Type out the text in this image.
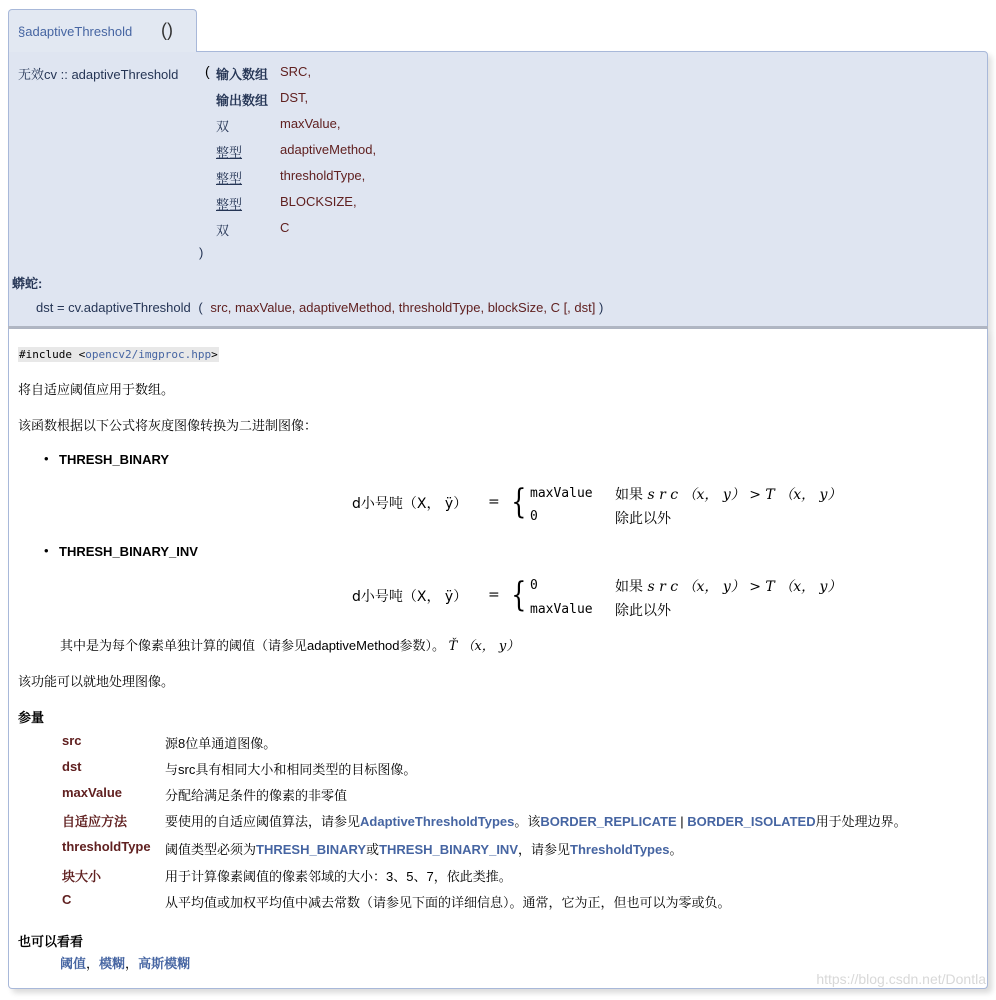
§adaptiveThreshold ()
无效cv :: adaptiveThreshold ( 输入数组 SRC,
输出数组 DST,
双	maxValue,
整型	adaptiveMethod,
整型	thresholdType,
整型	BLOCKSIZE,
双	C
)
蟒蛇:
dst = cv.adaptiveThreshold ( src, maxValue, adaptiveMethod, thresholdType, blockSize, C [, dst] )
#include <opencv2/imgproc.hpp>
将自适应阈值应用于数组。
该函数根据以下公式将灰度图像转换为二进制图像：
• THRESH_BINARY
d小号吨（X， ÿ） = { maxValue 如果 s r c （x， y） > T （x， y）
0	除此以外
• THRESH_BINARY_INV
d小号吨（X， ÿ） = { 0	如果 s r c （x， y） > T （x， y）
maxValue 除此以外
其中是为每个像素单独计算的阈值（请参见adaptiveMethod参数）。 Ť （x， y）
该功能可以就地处理图像。
参量
src	源8位单通道图像。
dst	与src具有相同大小和相同类型的目标图像。
maxValue	分配给满足条件的像素的非零值
自适应方法	要使用的自适应阈值算法，请参见AdaptiveThresholdTypes。该BORDER_REPLICATE | BORDER_ISOLATED用于处理边界。
thresholdType 阈值类型必须为THRESH_BINARY或THRESH_BINARY_INV，请参见ThresholdTypes。
块大小	用于计算像素阈值的像素邻域的大小：3、5、7，依此类推。
C	从平均值或加权平均值中减去常数（请参见下面的详细信息）。通常，它为正，但也可以为零或负。
也可以看看
阈值，模糊，高斯模糊
https://blog.csdn.net/Dontla
